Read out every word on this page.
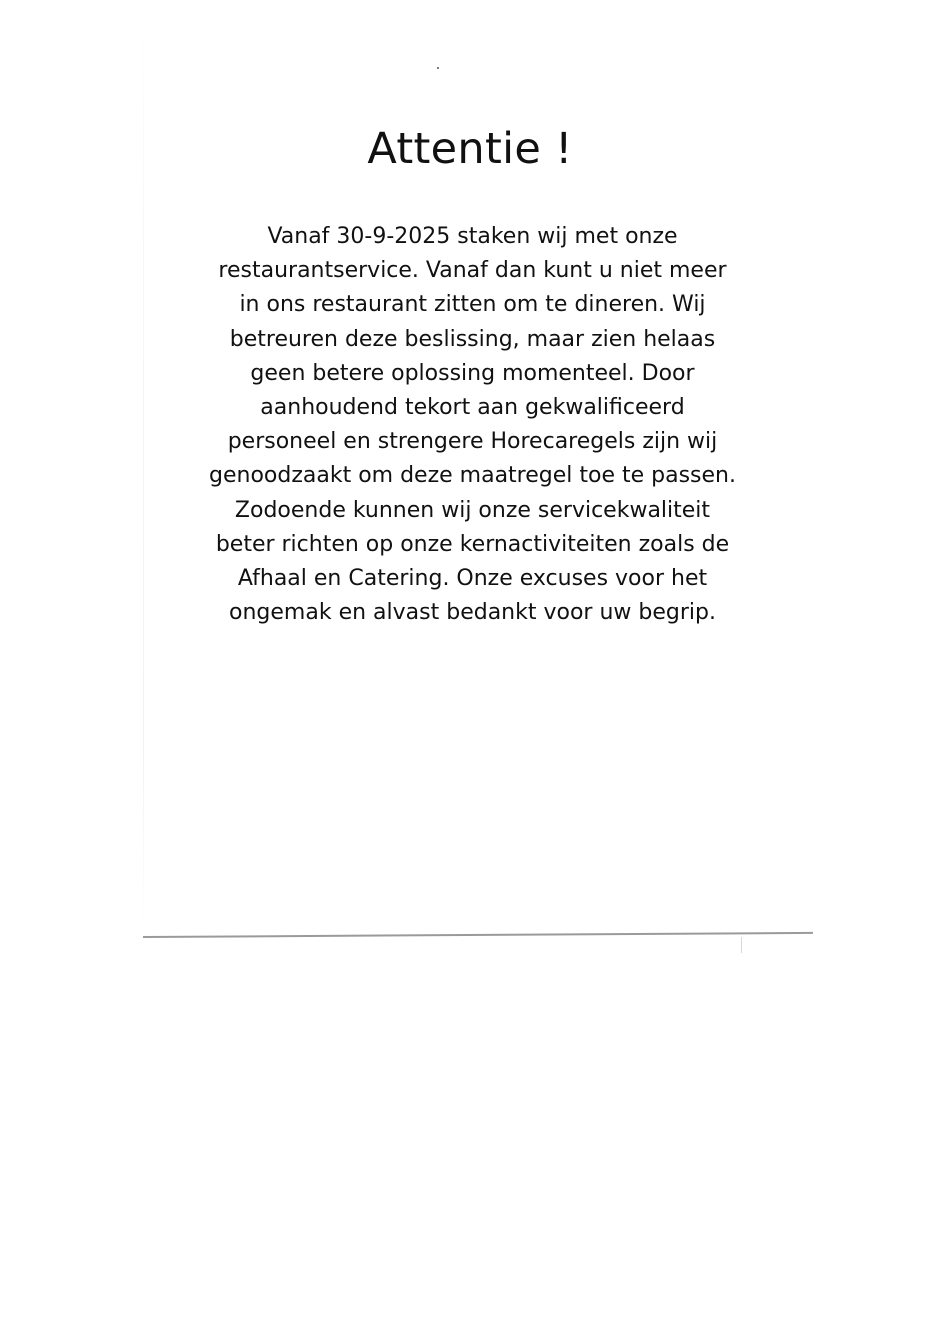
Attentie !

Vanaf 30-9-2025 staken wij met onze
restaurantservice. Vanaf dan kunt u niet meer
in ons restaurant zitten om te dineren. Wij
betreuren deze beslissing, maar zien helaas
geen betere oplossing momenteel. Door
aanhoudend tekort aan gekwalificeerd
personeel en strengere Horecaregels zijn wij
genoodzaakt om deze maatregel toe te passen.
Zodoende kunnen wij onze servicekwaliteit
beter richten op onze kernactiviteiten zoals de
Afhaal en Catering. Onze excuses voor het
ongemak en alvast bedankt voor uw begrip.
